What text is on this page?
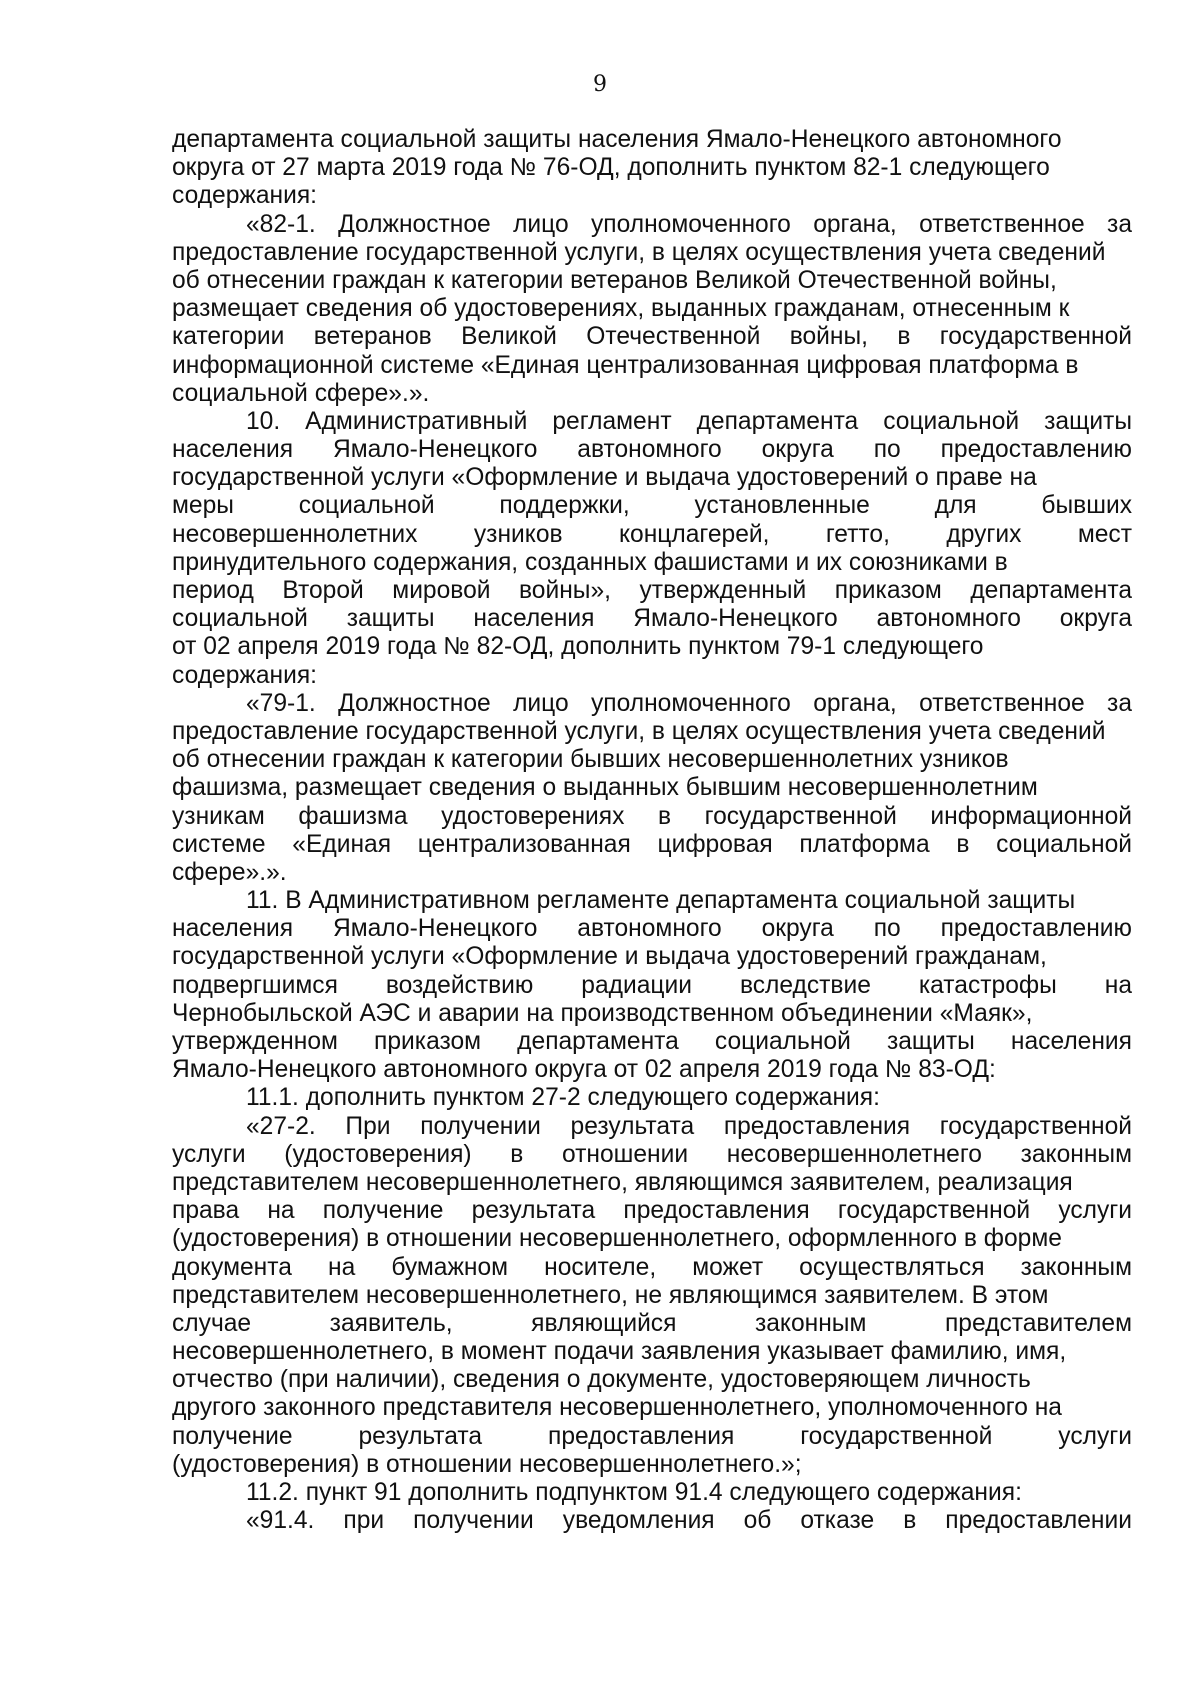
9
департамента социальной защиты населения Ямало-Ненецкого автономного
округа от 27 марта 2019 года № 76-ОД, дополнить пунктом 82-1 следующего
содержания:
«82-1. Должностное лицо уполномоченного органа, ответственное за
предоставление государственной услуги, в целях осуществления учета сведений
об отнесении граждан к категории ветеранов Великой Отечественной войны,
размещает сведения об удостоверениях, выданных гражданам, отнесенным к
категории ветеранов Великой Отечественной войны, в государственной
информационной системе «Единая централизованная цифровая платформа в
социальной сфере».».
10. Административный регламент департамента социальной защиты
населения Ямало-Ненецкого автономного округа по предоставлению
государственной услуги «Оформление и выдача удостоверений о праве на
меры социальной поддержки, установленные для бывших
несовершеннолетних узников концлагерей, гетто, других мест
принудительного содержания, созданных фашистами и их союзниками в
период Второй мировой войны», утвержденный приказом департамента
социальной защиты населения Ямало-Ненецкого автономного округа
от 02 апреля 2019 года № 82-ОД, дополнить пунктом 79-1 следующего
содержания:
«79-1. Должностное лицо уполномоченного органа, ответственное за
предоставление государственной услуги, в целях осуществления учета сведений
об отнесении граждан к категории бывших несовершеннолетних узников
фашизма, размещает сведения о выданных бывшим несовершеннолетним
узникам фашизма удостоверениях в государственной информационной
системе «Единая централизованная цифровая платформа в социальной
сфере».».
11. В Административном регламенте департамента социальной защиты
населения Ямало-Ненецкого автономного округа по предоставлению
государственной услуги «Оформление и выдача удостоверений гражданам,
подвергшимся воздействию радиации вследствие катастрофы на
Чернобыльской АЭС и аварии на производственном объединении «Маяк»,
утвержденном приказом департамента социальной защиты населения
Ямало-Ненецкого автономного округа от 02 апреля 2019 года № 83-ОД:
11.1. дополнить пунктом 27-2 следующего содержания:
«27-2. При получении результата предоставления государственной
услуги (удостоверения) в отношении несовершеннолетнего законным
представителем несовершеннолетнего, являющимся заявителем, реализация
права на получение результата предоставления государственной услуги
(удостоверения) в отношении несовершеннолетнего, оформленного в форме
документа на бумажном носителе, может осуществляться законным
представителем несовершеннолетнего, не являющимся заявителем. В этом
случае заявитель, являющийся законным представителем
несовершеннолетнего, в момент подачи заявления указывает фамилию, имя,
отчество (при наличии), сведения о документе, удостоверяющем личность
другого законного представителя несовершеннолетнего, уполномоченного на
получение результата предоставления государственной услуги
(удостоверения) в отношении несовершеннолетнего.»;
11.2. пункт 91 дополнить подпунктом 91.4 следующего содержания:
«91.4. при получении уведомления об отказе в предоставлении
